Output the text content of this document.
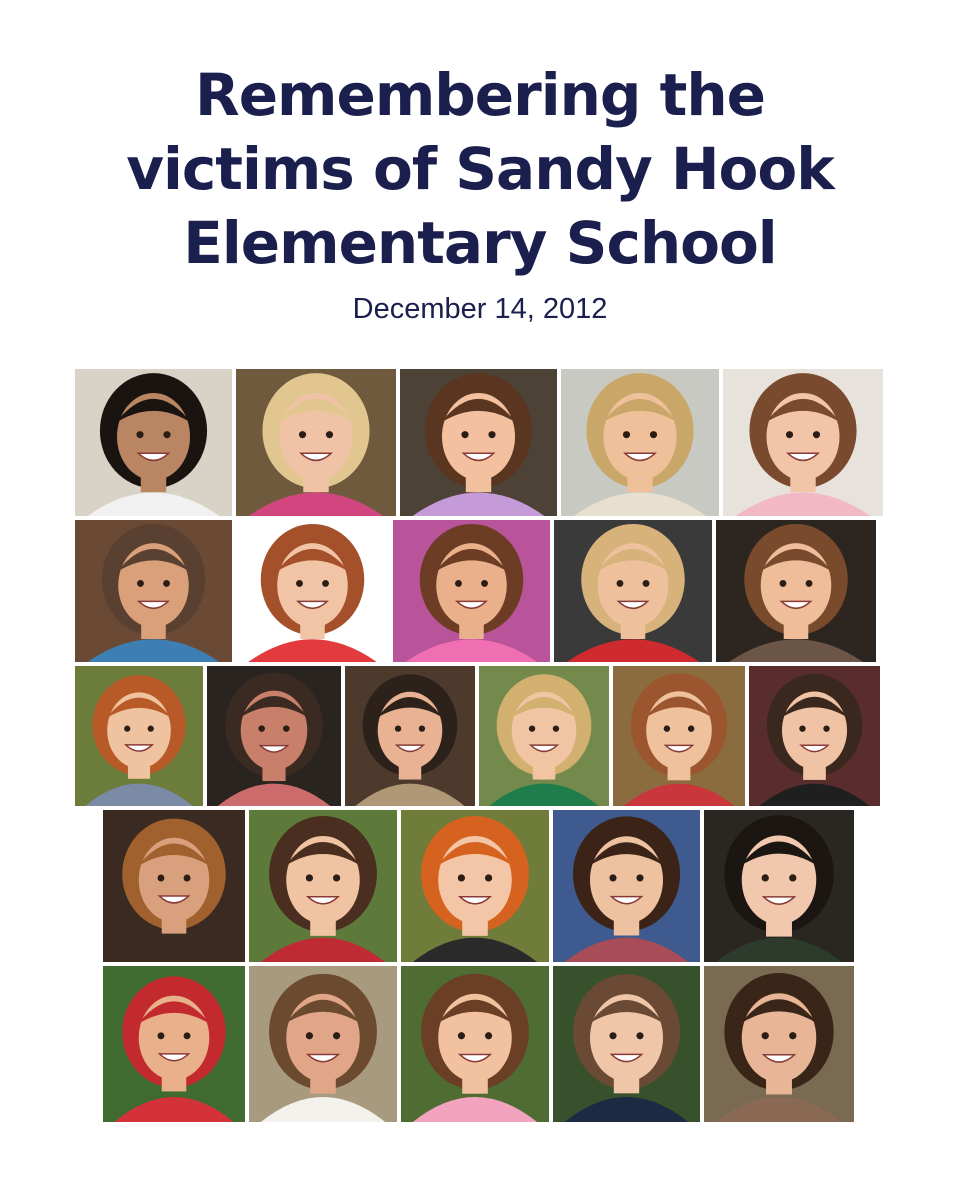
Remembering the
victims of Sandy Hook
Elementary School
December 14, 2012
